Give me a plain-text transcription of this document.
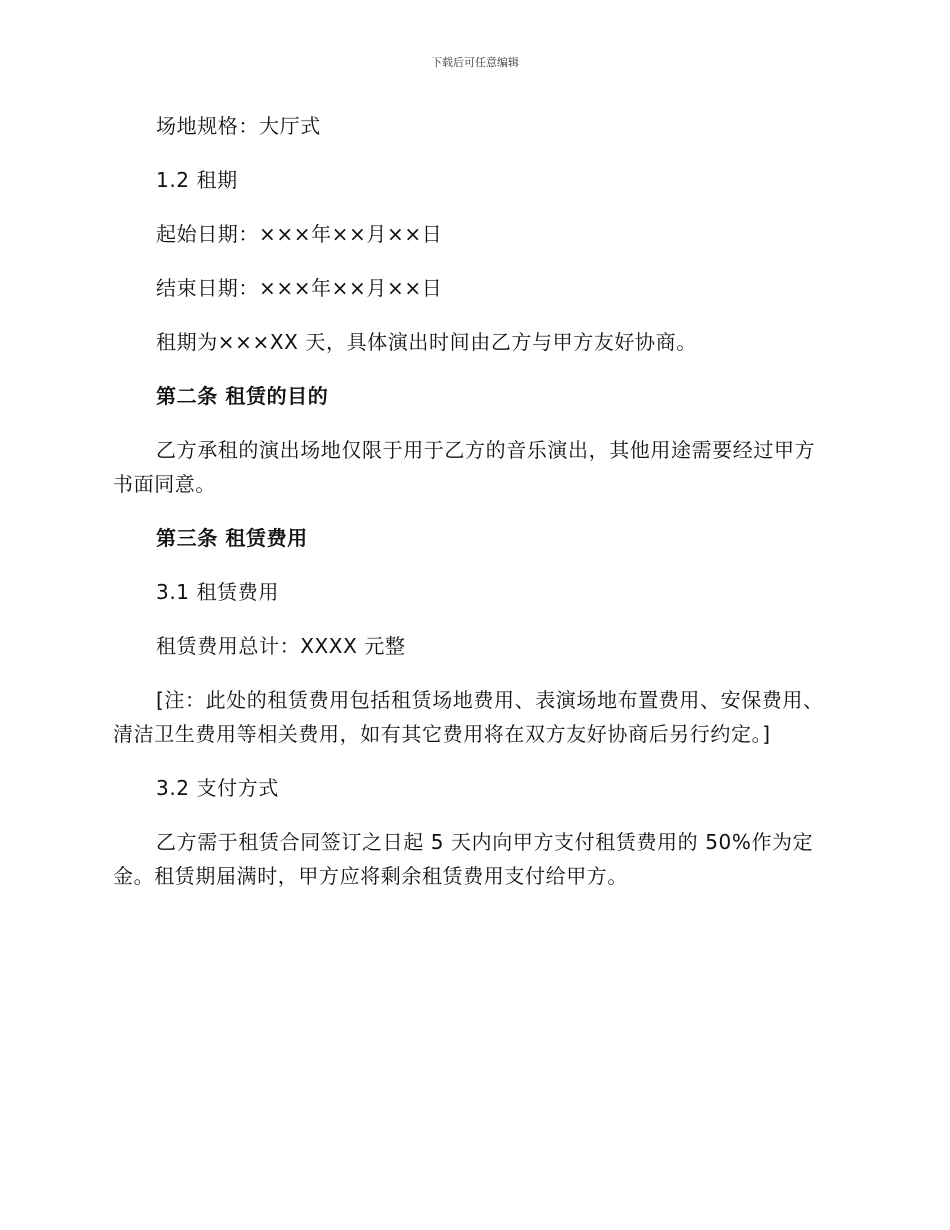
下载后可任意编辑

场地规格：大厅式

1.2 租期

起始日期：×××年××月××日

结束日期：×××年××月××日

租期为×××XX 天，具体演出时间由乙方与甲方友好协商。

第二条 租赁的目的

乙方承租的演出场地仅限于用于乙方的音乐演出，其他用途需要经过甲方书面同意。

第三条 租赁费用

3.1 租赁费用

租赁费用总计：XXXX 元整

[注：此处的租赁费用包括租赁场地费用、表演场地布置费用、安保费用、清洁卫生费用等相关费用，如有其它费用将在双方友好协商后另行约定。]

3.2 支付方式

乙方需于租赁合同签订之日起 5 天内向甲方支付租赁费用的 50%作为定金。租赁期届满时，甲方应将剩余租赁费用支付给甲方。
